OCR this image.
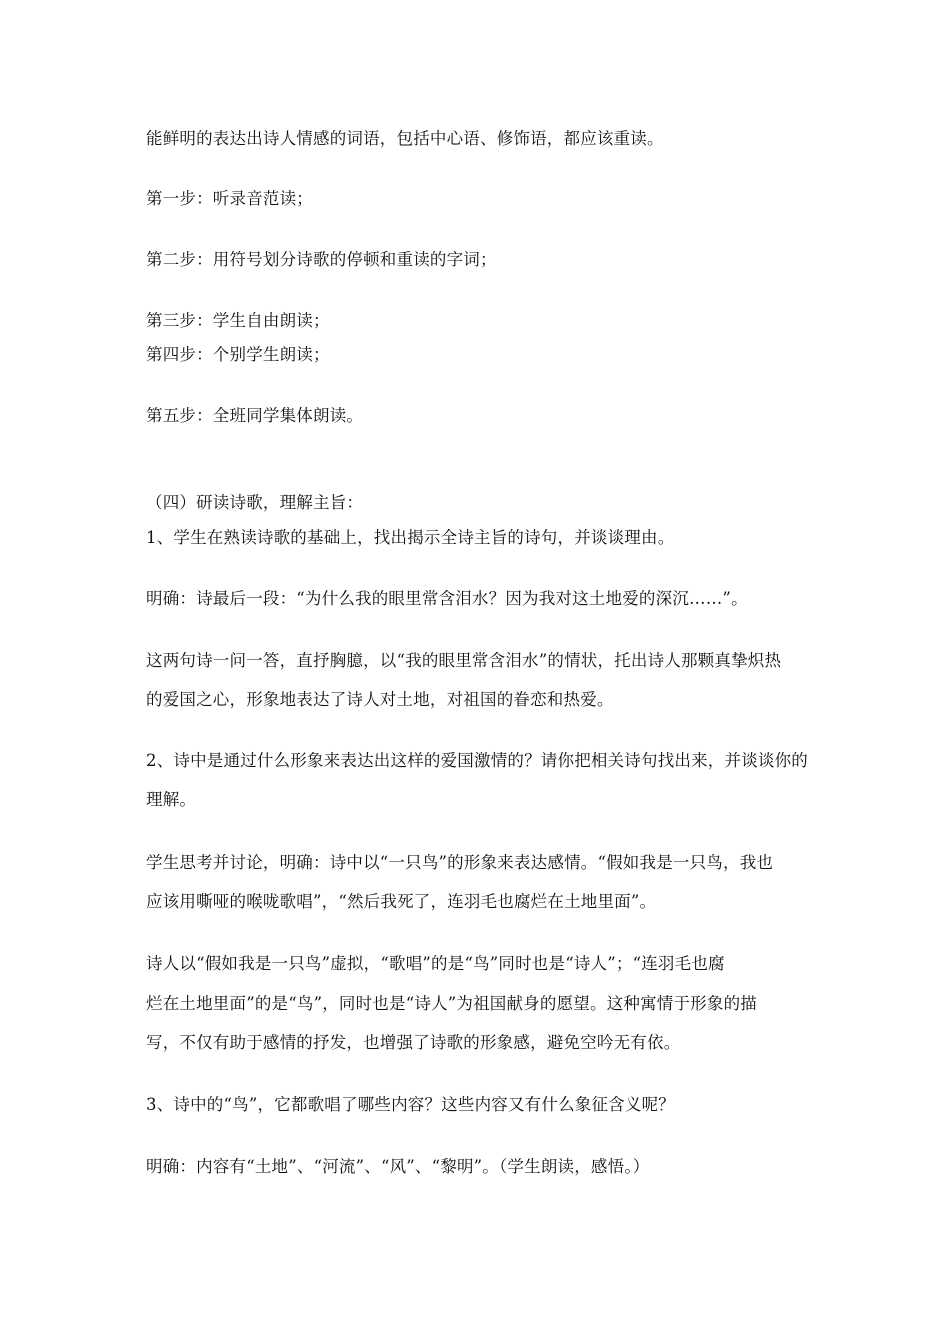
能鲜明的表达出诗人情感的词语，包括中心语、修饰语，都应该重读。
第一步：听录音范读；
第二步：用符号划分诗歌的停顿和重读的字词；
第三步：学生自由朗读；
第四步：个别学生朗读；
第五步：全班同学集体朗读。
（四）研读诗歌，理解主旨：
1、学生在熟读诗歌的基础上，找出揭示全诗主旨的诗句，并谈谈理由。
明确：诗最后一段：“为什么我的眼里常含泪水？因为我对这土地爱的深沉……”。
这两句诗一问一答，直抒胸臆，以“我的眼里常含泪水”的情状，托出诗人那颗真挚炽热
的爱国之心，形象地表达了诗人对土地，对祖国的眷恋和热爱。
2、诗中是通过什么形象来表达出这样的爱国激情的？请你把相关诗句找出来，并谈谈你的
理解。
学生思考并讨论，明确：诗中以“一只鸟”的形象来表达感情。“假如我是一只鸟，我也
应该用嘶哑的喉咙歌唱”，“然后我死了，连羽毛也腐烂在土地里面”。
诗人以“假如我是一只鸟”虚拟，“歌唱”的是“鸟”同时也是“诗人”；“连羽毛也腐
烂在土地里面”的是“鸟”，同时也是“诗人”为祖国献身的愿望。这种寓情于形象的描
写，不仅有助于感情的抒发，也增强了诗歌的形象感，避免空吟无有依。
3、诗中的“鸟”，它都歌唱了哪些内容？这些内容又有什么象征含义呢？
明确：内容有“土地”、“河流”、“风”、“黎明”。（学生朗读，感悟。）
